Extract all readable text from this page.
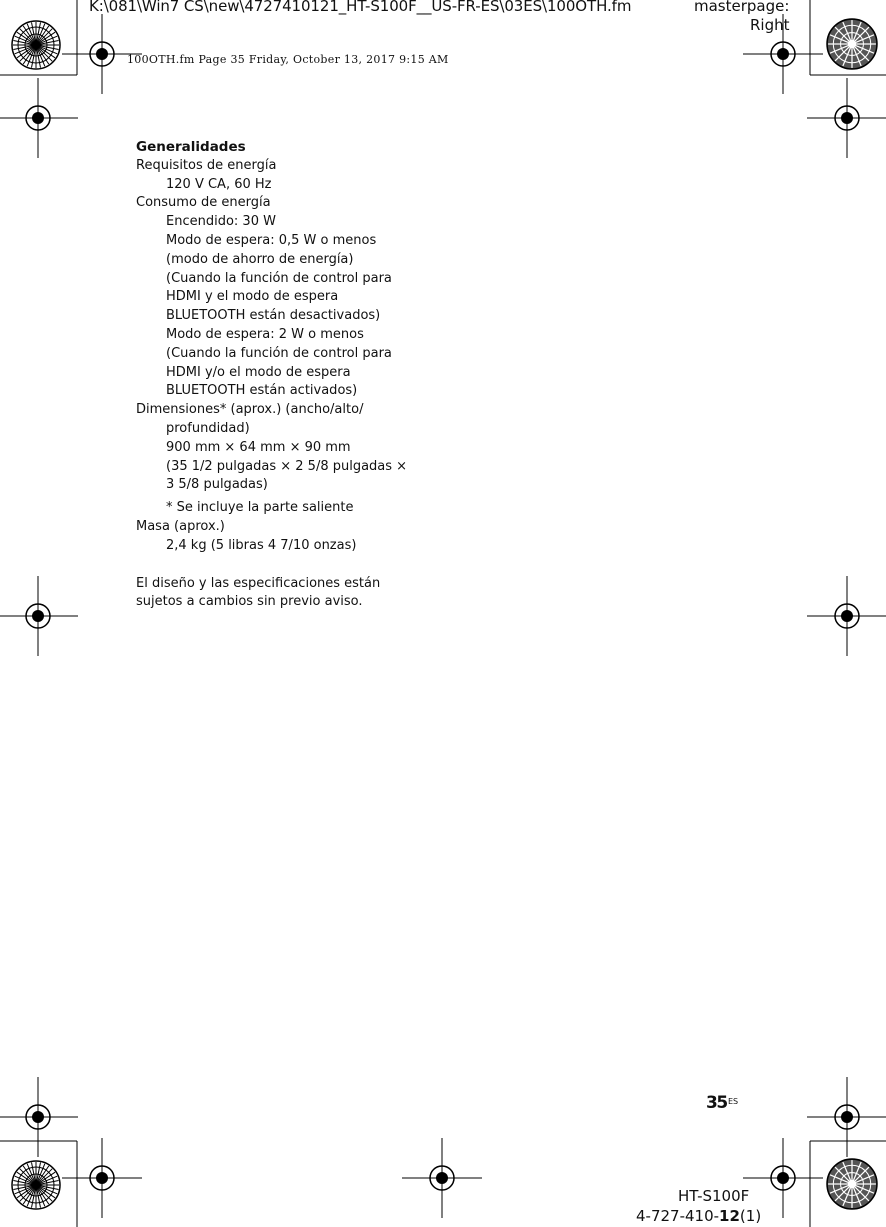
K:\081\Win7 CS\new\4727410121_HT-S100F__US-FR-ES\03ES\100OTH.fm	masterpage:
Right
100OTH.fm Page 35 Friday, October 13, 2017 9:15 AM
Generalidades
Requisitos de energía
120 V CA, 60 Hz
Consumo de energía
Encendido: 30 W
Modo de espera: 0,5 W o menos
(modo de ahorro de energía)
(Cuando la función de control para
HDMI y el modo de espera
BLUETOOTH están desactivados)
Modo de espera: 2 W o menos
(Cuando la función de control para
HDMI y/o el modo de espera
BLUETOOTH están activados)
Dimensiones* (aprox.) (ancho/alto/
profundidad)
900 mm × 64 mm × 90 mm
(35 1/2 pulgadas × 2 5/8 pulgadas ×
3 5/8 pulgadas)
* Se incluye la parte saliente
Masa (aprox.)
2,4 kg (5 libras 4 7/10 onzas)
El diseño y las especificaciones están
sujetos a cambios sin previo aviso.
35 ES
HT-S100F
4-727-410-12(1)
